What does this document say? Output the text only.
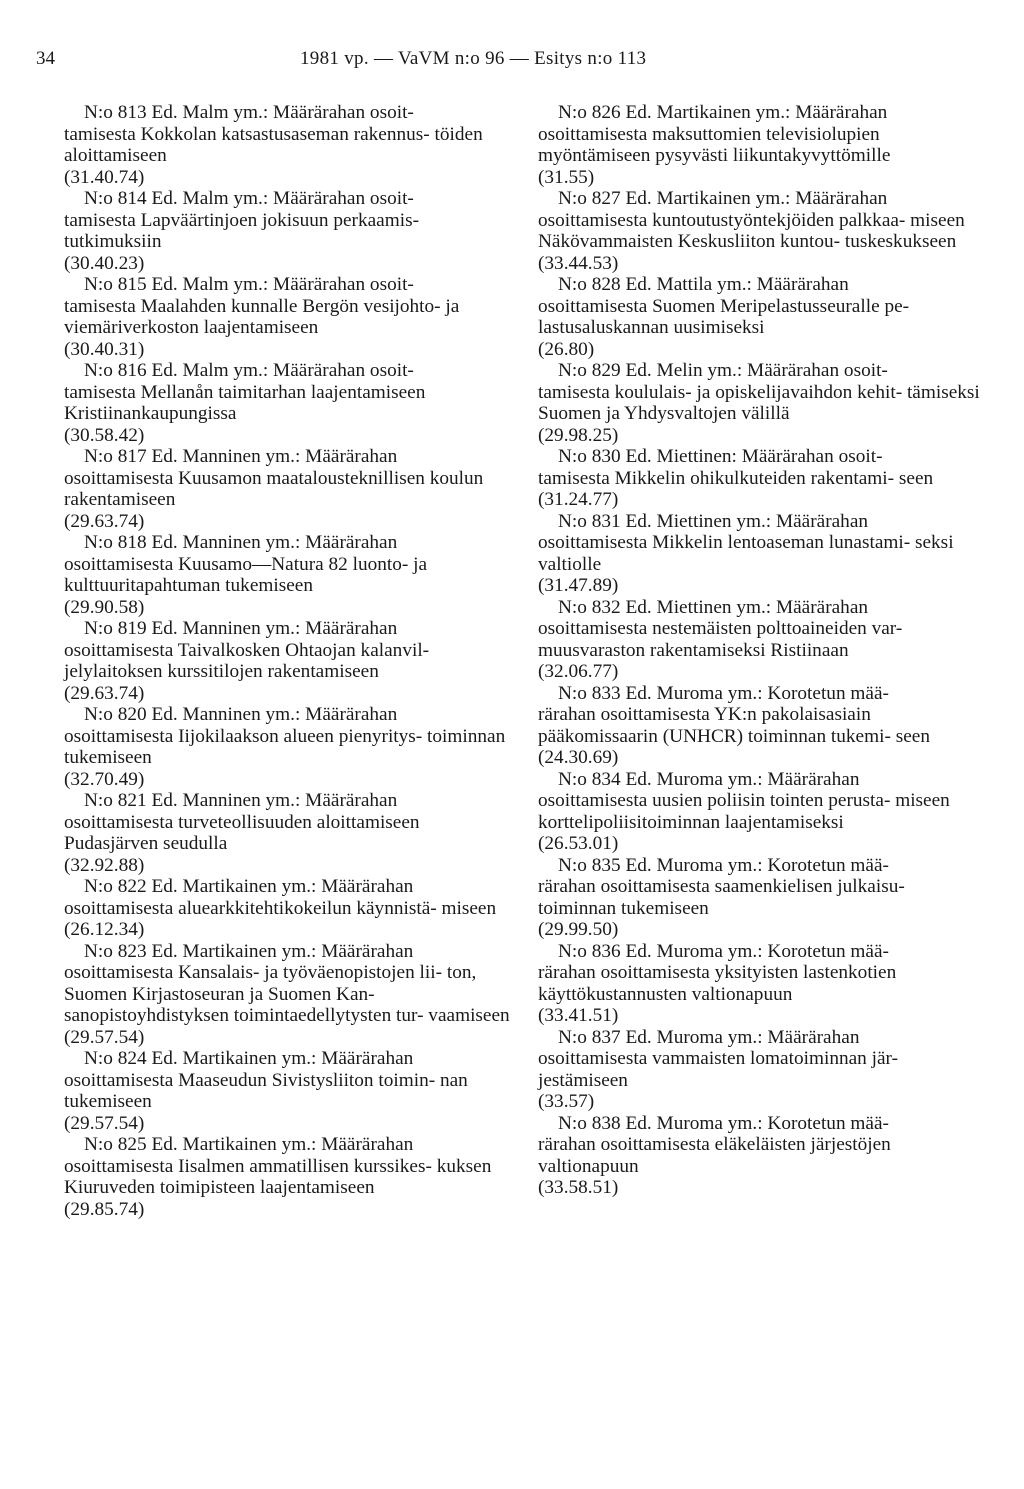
34	1981 vp. — VaVM n:o 96 — Esitys n:o 113

N:o 813 Ed. Malm ym.: Määrärahan osoit-

tamisesta Kokkolan katsastusaseman rakennus- töiden aloittamiseen

(31.40.74)

N:o 814 Ed. Malm ym.: Määrärahan osoit-

tamisesta Lapväärtinjoen jokisuun perkaamis- tutkimuksiin

(30.40.23)

N:o 815 Ed. Malm ym.: Määrärahan osoit-

tamisesta Maalahden kunnalle Bergön vesijohto- ja viemäriverkoston laajentamiseen

(30.40.31)

N:o 816 Ed. Malm ym.: Määrärahan osoit-

tamisesta Mellanån taimitarhan laajentamiseen Kristiinankaupungissa

(30.58.42)

N:o 817 Ed. Manninen ym.: Määrärahan

osoittamisesta Kuusamon maatalousteknillisen koulun rakentamiseen

(29.63.74)

N:o 818 Ed. Manninen ym.: Määrärahan

osoittamisesta Kuusamo—Natura 82 luonto- ja kulttuuritapahtuman tukemiseen

(29.90.58)

N:o 819 Ed. Manninen ym.: Määrärahan

osoittamisesta Taivalkosken Ohtaojan kalanvil- jelylaitoksen kurssitilojen rakentamiseen

(29.63.74)

N:o 820 Ed. Manninen ym.: Määrärahan

osoittamisesta Iijokilaakson alueen pienyritys- toiminnan tukemiseen

(32.70.49)

N:o 821 Ed. Manninen ym.: Määrärahan

osoittamisesta turveteollisuuden aloittamiseen Pudasjärven seudulla

(32.92.88)

N:o 822 Ed. Martikainen ym.: Määrärahan

osoittamisesta aluearkkitehtikokeilun käynnistä- miseen

(26.12.34)

N:o 823 Ed. Martikainen ym.: Määrärahan

osoittamisesta Kansalais- ja työväenopistojen lii- ton, Suomen Kirjastoseuran ja Suomen Kan- sanopistoyhdistyksen toimintaedellytysten tur- vaamiseen

(29.57.54)

N:o 824 Ed. Martikainen ym.: Määrärahan

osoittamisesta Maaseudun Sivistysliiton toimin- nan tukemiseen

(29.57.54)

N:o 825 Ed. Martikainen ym.: Määrärahan

osoittamisesta Iisalmen ammatillisen kurssikes- kuksen Kiuruveden toimipisteen laajentamiseen

(29.85.74)

N:o 826 Ed. Martikainen ym.: Määrärahan

osoittamisesta maksuttomien televisiolupien myöntämiseen pysyvästi liikuntakyvyttömille

(31.55)

N:o 827 Ed. Martikainen ym.: Määrärahan

osoittamisesta kuntoutustyöntekjöiden palkkaa- miseen Näkövammaisten Keskusliiton kuntou- tuskeskukseen

(33.44.53)

N:o 828 Ed. Mattila ym.: Määrärahan

osoittamisesta Suomen Meripelastusseuralle pe- lastusaluskannan uusimiseksi

(26.80)

N:o 829 Ed. Melin ym.: Määrärahan osoit-

tamisesta koululais- ja opiskelijavaihdon kehit- tämiseksi Suomen ja Yhdysvaltojen välillä

(29.98.25)

N:o 830 Ed. Miettinen: Määrärahan osoit-

tamisesta Mikkelin ohikulkuteiden rakentami- seen

(31.24.77)

N:o 831 Ed. Miettinen ym.: Määrärahan

osoittamisesta Mikkelin lentoaseman lunastami- seksi valtiolle

(31.47.89)

N:o 832 Ed. Miettinen ym.: Määrärahan

osoittamisesta nestemäisten polttoaineiden var- muusvaraston rakentamiseksi Ristiinaan

(32.06.77)

N:o 833 Ed. Muroma ym.: Korotetun mää-

rärahan osoittamisesta YK:n pakolaisasiain pääkomissaarin (UNHCR) toiminnan tukemi- seen

(24.30.69)

N:o 834 Ed. Muroma ym.: Määrärahan

osoittamisesta uusien poliisin tointen perusta- miseen korttelipoliisitoiminnan laajentamiseksi

(26.53.01)

N:o 835 Ed. Muroma ym.: Korotetun mää-

rärahan osoittamisesta saamenkielisen julkaisu- toiminnan tukemiseen

(29.99.50)

N:o 836 Ed. Muroma ym.: Korotetun mää-

rärahan osoittamisesta yksityisten lastenkotien käyttökustannusten valtionapuun

(33.41.51)

N:o 837 Ed. Muroma ym.: Määrärahan

osoittamisesta vammaisten lomatoiminnan jär- jestämiseen

(33.57)

N:o 838 Ed. Muroma ym.: Korotetun mää-

rärahan osoittamisesta eläkeläisten järjestöjen valtionapuun

(33.58.51)
